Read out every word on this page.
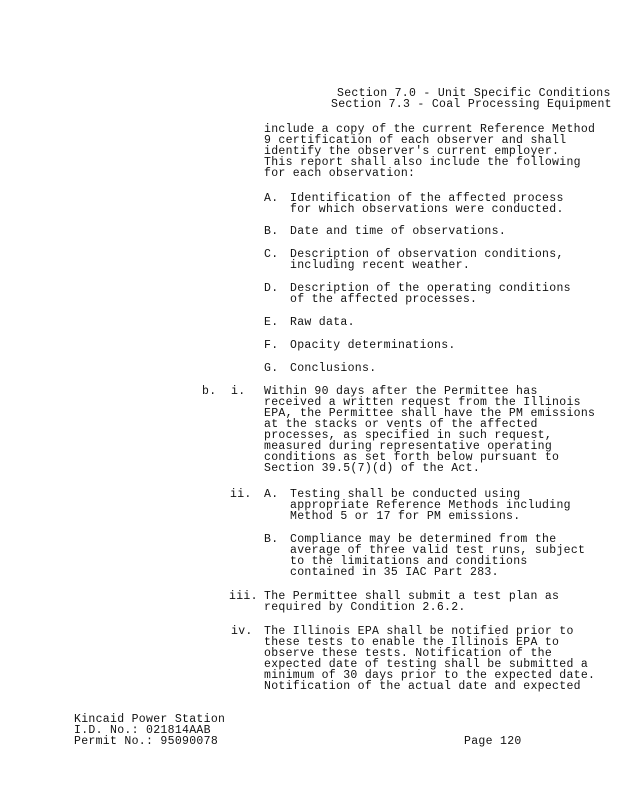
Section 7.0 - Unit Specific Conditions
Section 7.3 - Coal Processing Equipment
include a copy of the current Reference Method
9 certification of each observer and shall
identify the observer's current employer.
This report shall also include the following
for each observation:
A. Identification of the affected process
for which observations were conducted.
B. Date and time of observations.
C. Description of observation conditions,
including recent weather.
D. Description of the operating conditions
of the affected processes.
E. Raw data.
F. Opacity determinations.
G. Conclusions.
b. i. Within 90 days after the Permittee has
received a written request from the Illinois
EPA, the Permittee shall have the PM emissions
at the stacks or vents of the affected
processes, as specified in such request,
measured during representative operating
conditions as set forth below pursuant to
Section 39.5(7)(d) of the Act.
ii. A. Testing shall be conducted using
appropriate Reference Methods including
Method 5 or 17 for PM emissions.
B. Compliance may be determined from the
average of three valid test runs, subject
to the limitations and conditions
contained in 35 IAC Part 283.
iii. The Permittee shall submit a test plan as
required by Condition 2.6.2.
iv. The Illinois EPA shall be notified prior to
these tests to enable the Illinois EPA to
observe these tests. Notification of the
expected date of testing shall be submitted a
minimum of 30 days prior to the expected date.
Notification of the actual date and expected
Kincaid Power Station
I.D. No.: 021814AAB
Permit No.: 95090078	Page 120
